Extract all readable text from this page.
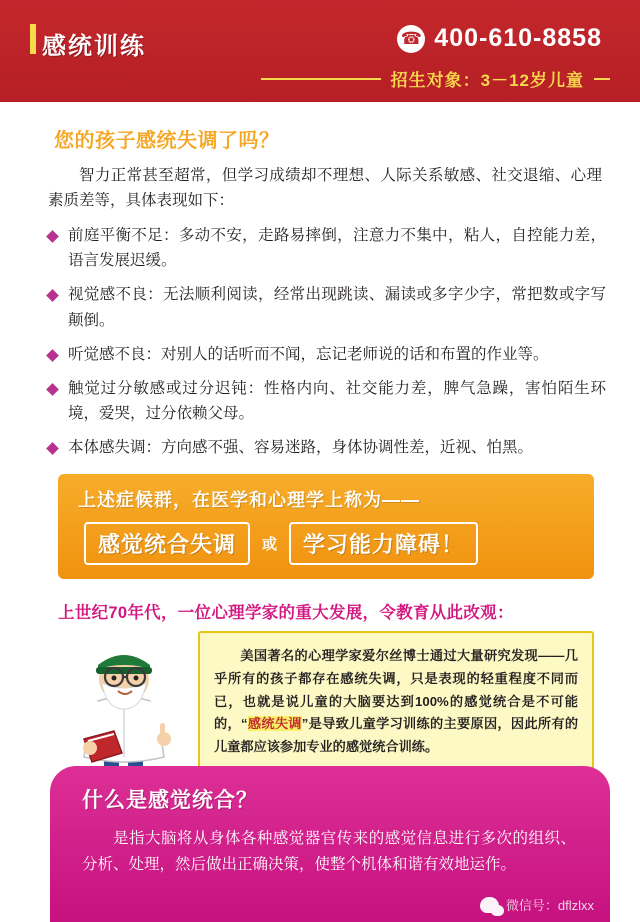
感统训练	☎ 400-610-8858
招生对象：3－12岁儿童
您的孩子感统失调了吗？

智力正常甚至超常，但学习成绩却不理想、人际关系敏感、社交退缩、心理素质差等，具体表现如下：

前庭平衡不足：多动不安，走路易摔倒，注意力不集中，粘人，自控能力差，语言发展迟缓。
视觉感不良：无法顺利阅读，经常出现跳读、漏读或多字少字，常把数或字写颠倒。
听觉感不良：对别人的话听而不闻，忘记老师说的话和布置的作业等。
触觉过分敏感或过分迟钝：性格内向、社交能力差，脾气急躁，害怕陌生环境，爱哭，过分依赖父母。
本体感失调：方向感不强、容易迷路，身体协调性差，近视、怕黑。
上述症候群，在医学和心理学上称为——
感觉统合失调	或	学习能力障碍！
上世纪70年代，一位心理学家的重大发展，令教育从此改观：

美国著名的心理学家爱尔丝博士通过大量研究发现——几乎所有的孩子都存在感统失调，只是表现的轻重程度不同而已，也就是说儿童的大脑要达到100%的感觉统合是不可能的，“感统失调”是导致儿童学习训练的主要原因，因此所有的儿童都应该参加专业的感觉统合训练。

什么是感觉统合？
是指大脑将从身体各种感觉器官传来的感觉信息进行多次的组织、分析、处理，然后做出正确决策，使整个机体和谐有效地运作。
微信号：dflzlxx
